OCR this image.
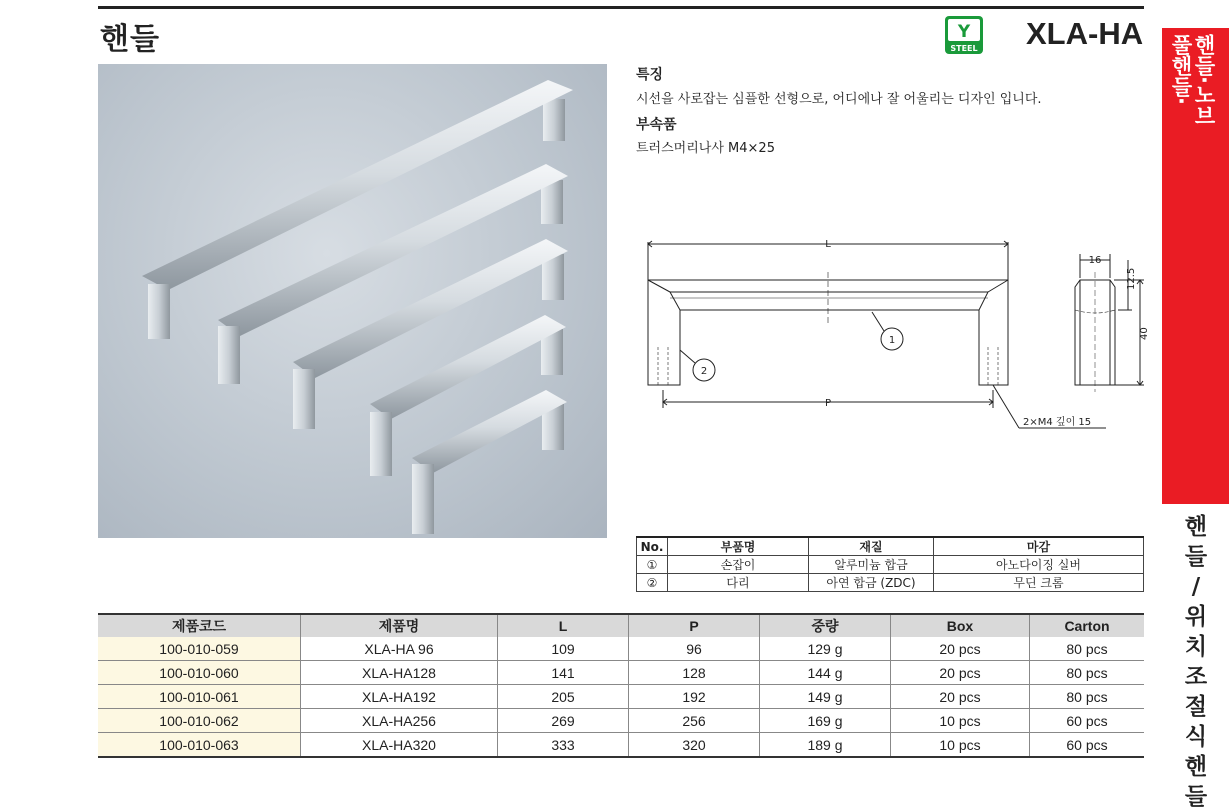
핸들	Y
STEEL XLA-HA
특징
시선을 사로잡는 심플한 선형으로, 어디에나 잘 어울리는 디자인 입니다.
부속품
트러스머리나사 M4×25
L
P
1
2
2×M4 깊이 15
16
12.5
40
No.	부품명	재질	마감
①	손잡이	알루미늄 합금	아노다이징 실버
②	다리	아연 합금 (ZDC)	무딘 크롬
제품코드	제품명	L	P	중량	Box	Carton
100-010-059	XLA-HA 96	109	96	129 g	20 pcs	80 pcs
100-010-060	XLA-HA128	141	128	144 g	20 pcs	80 pcs
100-010-061	XLA-HA192	205	192	149 g	20 pcs	80 pcs
100-010-062	XLA-HA256	269	256	169 g	10 pcs	60 pcs
100-010-063	XLA-HA320	333	320	189 g	10 pcs	60 pcs
풀핸들· 핸들·노브
핸
들
/
위
치
조
절
식
핸
들
